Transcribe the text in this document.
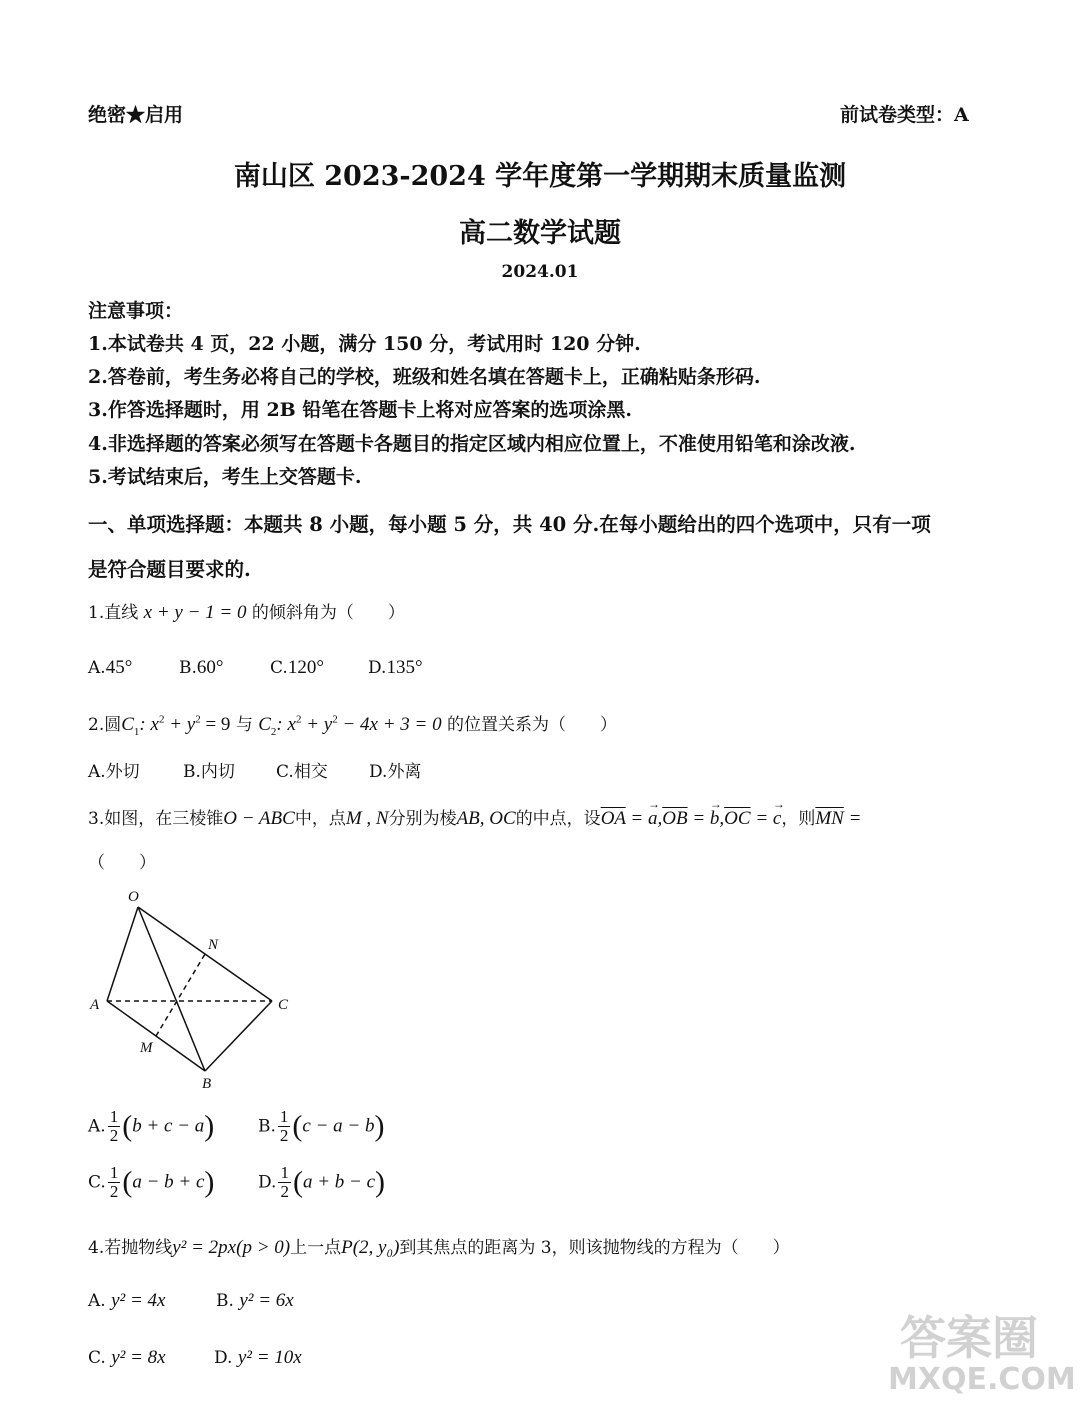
绝密★启用	前试卷类型：A
南山区 2023-2024 学年度第一学期期末质量监测
高二数学试题
2024.01
注意事项：
1.本试卷共 4 页，22 小题，满分 150 分，考试用时 120 分钟.
2.答卷前，考生务必将自己的学校，班级和姓名填在答题卡上，正确粘贴条形码.
3.作答选择题时，用 2B 铅笔在答题卡上将对应答案的选项涂黑.
4.非选择题的答案必须写在答题卡各题目的指定区域内相应位置上，不准使用铅笔和涂改液.
5.考试结束后，考生上交答题卡.
一、单项选择题：本题共 8 小题，每小题 5 分，共 40 分.在每小题给出的四个选项中，只有一项
是符合题目要求的.
1.直线 x + y − 1 = 0 的倾斜角为（　　）
A.45°	B.60°	C.120°	D.135°
2.圆$C_1$: $x^2 + y^2 = 9$ 与 $C_2$: $x^2 + y^2 - 4x + 3 = 0$ 的位置关系为（　　）
A.外切	B.内切 C.相交 D.外离
3.如图，在三棱锥O − ABC中，点M , N分别为棱AB, OC的中点，设$\overline{OA}$ = → $a,\overline{OB}$ = → $b,\overline{OC}$ = → c，则$\overline{MN}$ =
（　　）
O
A
B
C
M
N
A. $\frac{1}{2} (b + c - a)$	B. $\frac{1}{2} (c - a - b)$
C. $\frac{1}{2} (a - b + c)$	D. $\frac{1}{2} (a + b - c)$
4.若抛物线y² = 2px(p > 0)上一点P(2, y₀)到其焦点的距离为 3，则该抛物线的方程为（　　）
A. y² = 4x	B. y² = 6x
C. y² = 8x	D. y² = 10x	答案圈
MXQE.COM
